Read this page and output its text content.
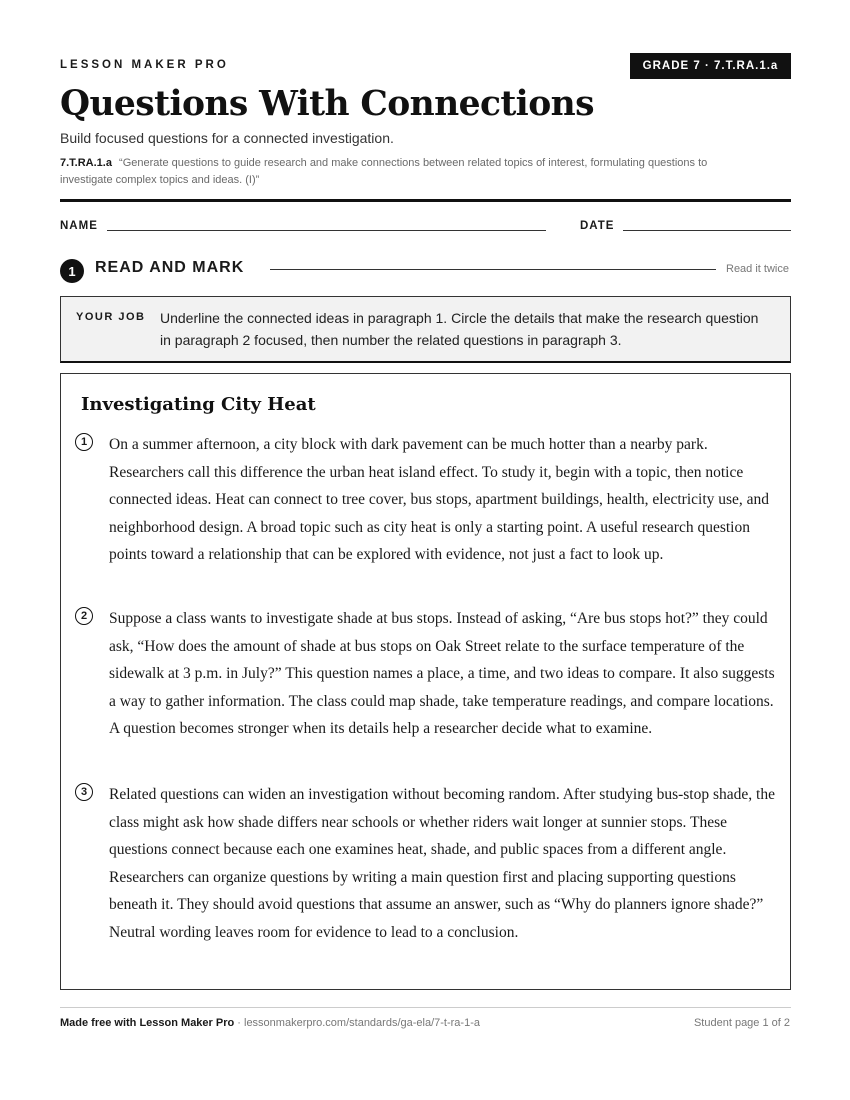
LESSON MAKER PRO	GRADE 7 · 7.T.RA.1.a
Questions With Connections
Build focused questions for a connected investigation.
7.T.RA.1.a “Generate questions to guide research and make connections between related topics of interest, formulating questions to investigate complex topics and ideas. (I)”
NAME	DATE
1	READ AND MARK	Read it twice
YOUR JOB Underline the connected ideas in paragraph 1. Circle the details that make the research question in paragraph 2 focused, then number the related questions in paragraph 3.
Investigating City Heat
1	On a summer afternoon, a city block with dark pavement can be much hotter than a nearby park. Researchers call this difference the urban heat island effect. To study it, begin with a topic, then notice connected ideas. Heat can connect to tree cover, bus stops, apartment buildings, health, electricity use, and neighborhood design. A broad topic such as city heat is only a starting point. A useful research question points toward a relationship that can be explored with evidence, not just a fact to look up.

2	Suppose a class wants to investigate shade at bus stops. Instead of asking, “Are bus stops hot?” they could ask, “How does the amount of shade at bus stops on Oak Street relate to the surface temperature of the sidewalk at 3 p.m. in July?” This question names a place, a time, and two ideas to compare. It also suggests a way to gather information. The class could map shade, take temperature readings, and compare locations. A question becomes stronger when its details help a researcher decide what to examine.

3	Related questions can widen an investigation without becoming random. After studying bus-stop shade, the class might ask how shade differs near schools or whether riders wait longer at sunnier stops. These questions connect because each one examines heat, shade, and public spaces from a different angle. Researchers can organize questions by writing a main question first and placing supporting questions beneath it. They should avoid questions that assume an answer, such as “Why do planners ignore shade?” Neutral wording leaves room for evidence to lead to a conclusion.

Made free with Lesson Maker Pro · lessonmakerpro.com/standards/ga-ela/7-t-ra-1-a	Student page 1 of 2
